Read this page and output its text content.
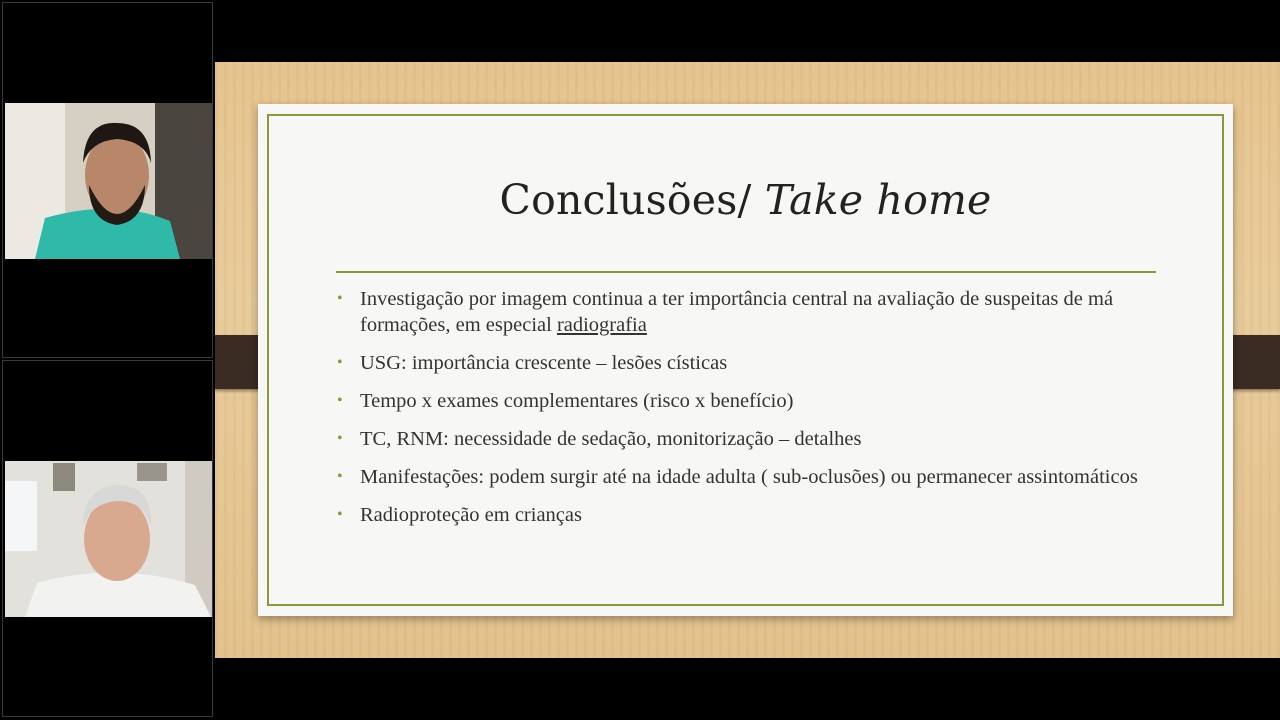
Conclusões/ Take home
• Investigação por imagem continua a ter importância central na avaliação de suspeitas de má formações, em especial radiografia
• USG: importância crescente – lesões císticas
• Tempo x exames complementares (risco x benefício)
• TC, RNM: necessidade de sedação, monitorização – detalhes
• Manifestações: podem surgir até na idade adulta ( sub-oclusões) ou permanecer assintomáticos
• Radioproteção em crianças
